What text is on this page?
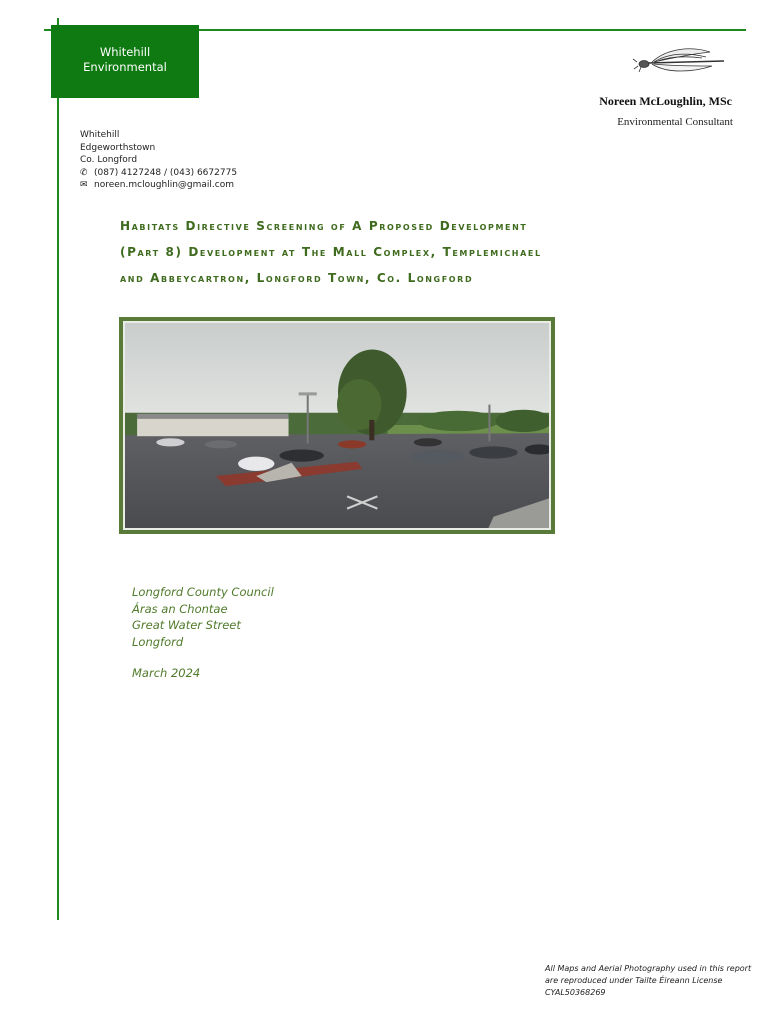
Whitehill
Environmental
Noreen McLoughlin, MSc
Environmental Consultant
Whitehill
Edgeworthstown
Co. Longford
✆ (087) 4127248 / (043) 6672775
✉ noreen.mcloughlin@gmail.com
Habitats Directive Screening of A Proposed Development
(Part 8) Development at The Mall Complex, Templemichael
and Abbeycartron, Longford Town, Co. Longford
Longford County Council
Áras an Chontae
Great Water Street
Longford
March 2024
All Maps and Aerial Photography used in this report
are reproduced under Tailte Éireann License
CYAL50368269
